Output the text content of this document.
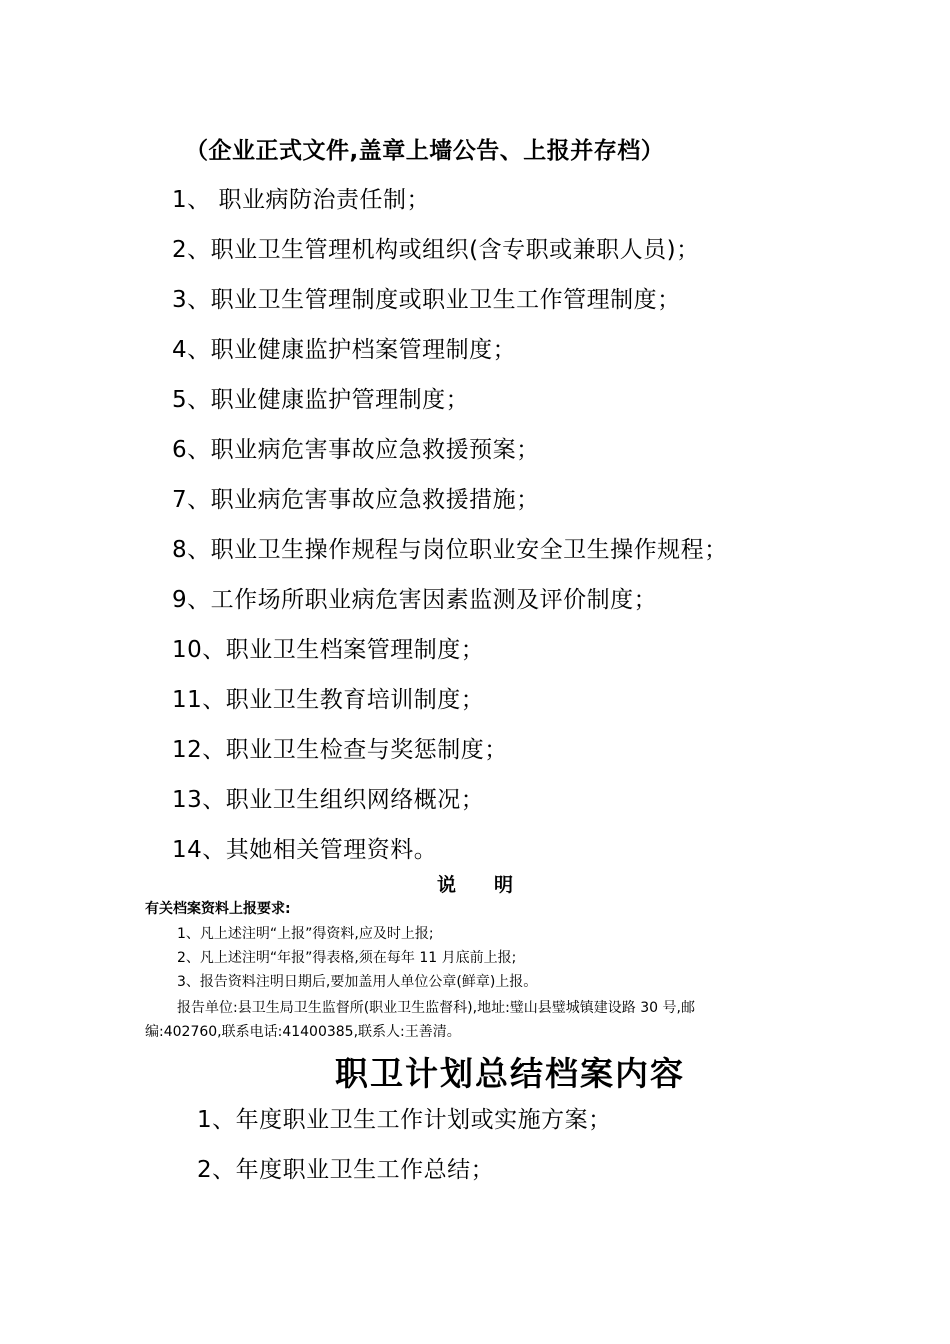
（企业正式文件,盖章上墙公告、上报并存档）
1、 职业病防治责任制；
2、职业卫生管理机构或组织(含专职或兼职人员)；
3、职业卫生管理制度或职业卫生工作管理制度；
4、职业健康监护档案管理制度；
5、职业健康监护管理制度；
6、职业病危害事故应急救援预案；
7、职业病危害事故应急救援措施；
8、职业卫生操作规程与岗位职业安全卫生操作规程；
9、工作场所职业病危害因素监测及评价制度；
10、职业卫生档案管理制度；
11、职业卫生教育培训制度；
12、职业卫生检查与奖惩制度；
13、职业卫生组织网络概况；
14、其她相关管理资料。
说明
有关档案资料上报要求:
1、凡上述注明“上报”得资料,应及时上报;
2、凡上述注明“年报”得表格,须在每年 11 月底前上报;
3、报告资料注明日期后,要加盖用人单位公章(鲜章)上报。
报告单位:县卫生局卫生监督所(职业卫生监督科),地址:璧山县璧城镇建设路 30 号,邮
编:402760,联系电话:41400385,联系人:王善清。
职卫计划总结档案内容
1、年度职业卫生工作计划或实施方案；
2、年度职业卫生工作总结；
